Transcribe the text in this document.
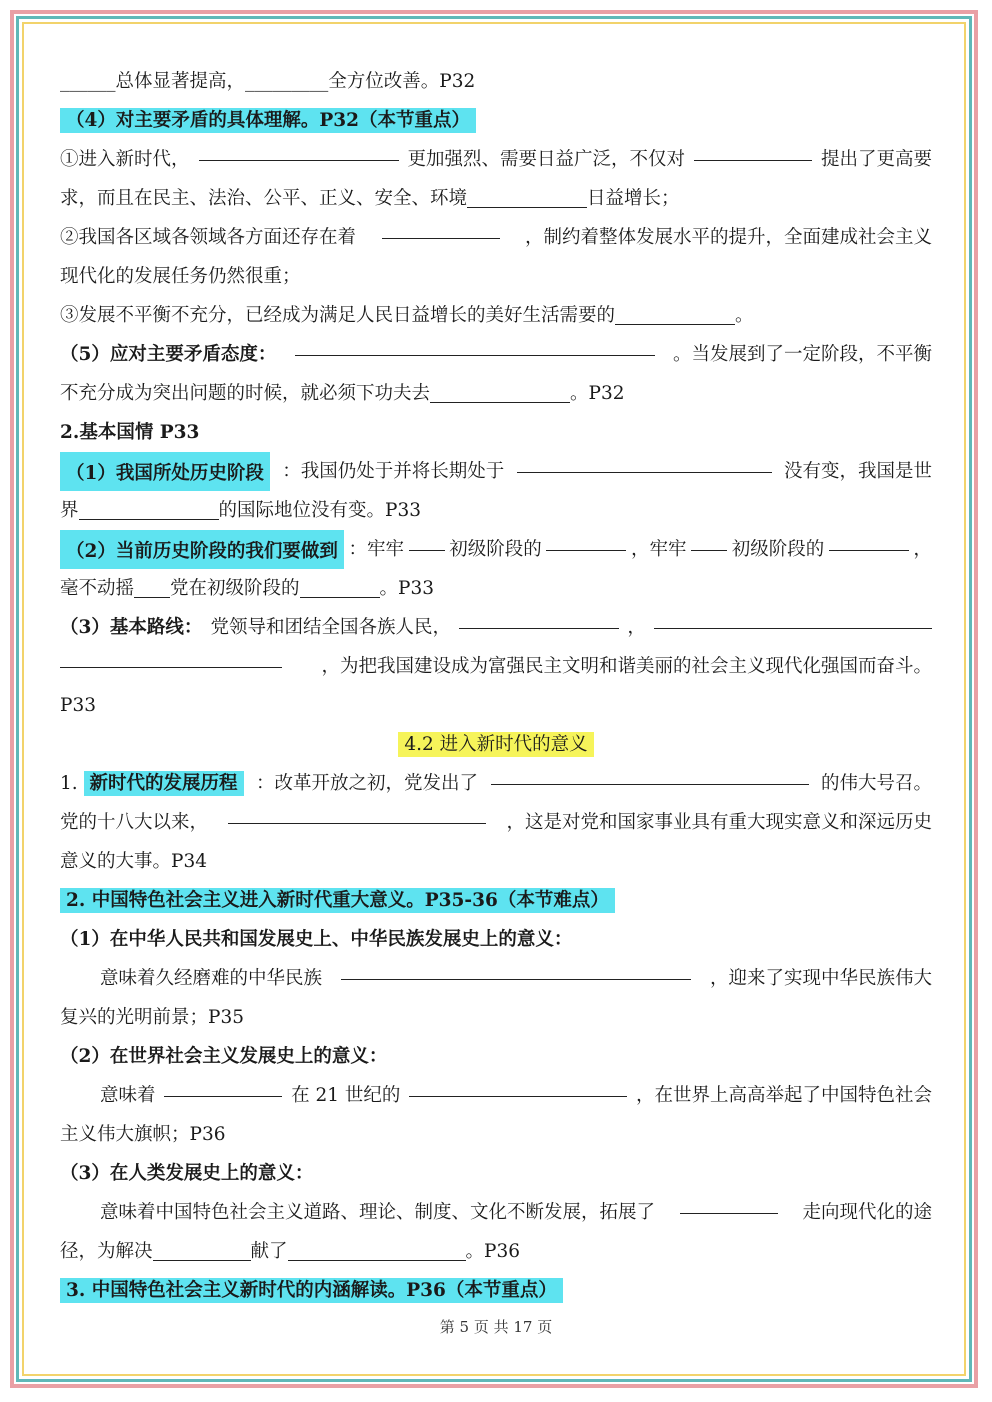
______总体显著提高，_________全方位改善。P32
（4）对主要矛盾的具体理解。P32（本节重点）
①进入新时代，	更加强烈、需要日益广泛，不仅对	提出了更高要
求，而且在民主、法治、公平、正义、安全、环境	日益增长；
②我国各区域各领域各方面还存在着	，制约着整体发展水平的提升，全面建成社会主义
现代化的发展任务仍然很重；
③发展不平衡不充分，已经成为满足人民日益增长的美好生活需要的	。
（5）应对主要矛盾态度：	。当发展到了一定阶段，不平衡
不充分成为突出问题的时候，就必须下功夫去	。P32
2.基本国情 P33
（1）我国所处历史阶段 ：我国仍处于并将长期处于	没有变，我国是世
界	的国际地位没有变。P33
（2）当前历史阶段的我们要做到 ：牢牢 初级阶段的	，牢牢 初级阶段的	，
毫不动摇 党在初级阶段的	。P33
（3）基本路线： 党领导和团结全国各族人民，	，
，为把我国建设成为富强民主文明和谐美丽的社会主义现代化强国而奋斗。
P33
4.2 进入新时代的意义
1. 新时代的发展历程 ：改革开放之初，党发出了	的伟大号召。
党的十八大以来，	，这是对党和国家事业具有重大现实意义和深远历史
意义的大事。P34
2. 中国特色社会主义进入新时代重大意义。P35-36（本节难点）
（1）在中华人民共和国发展史上、中华民族发展史上的意义：
意味着久经磨难的中华民族	，迎来了实现中华民族伟大
复兴的光明前景；P35
（2）在世界社会主义发展史上的意义：
意味着	在 21 世纪的	，在世界上高高举起了中国特色社会
主义伟大旗帜；P36
（3）在人类发展史上的意义：
意味着中国特色社会主义道路、理论、制度、文化不断发展，拓展了	走向现代化的途
径，为解决	献了	。P36
3. 中国特色社会主义新时代的内涵解读。P36（本节重点）
第 5 页 共 17 页
